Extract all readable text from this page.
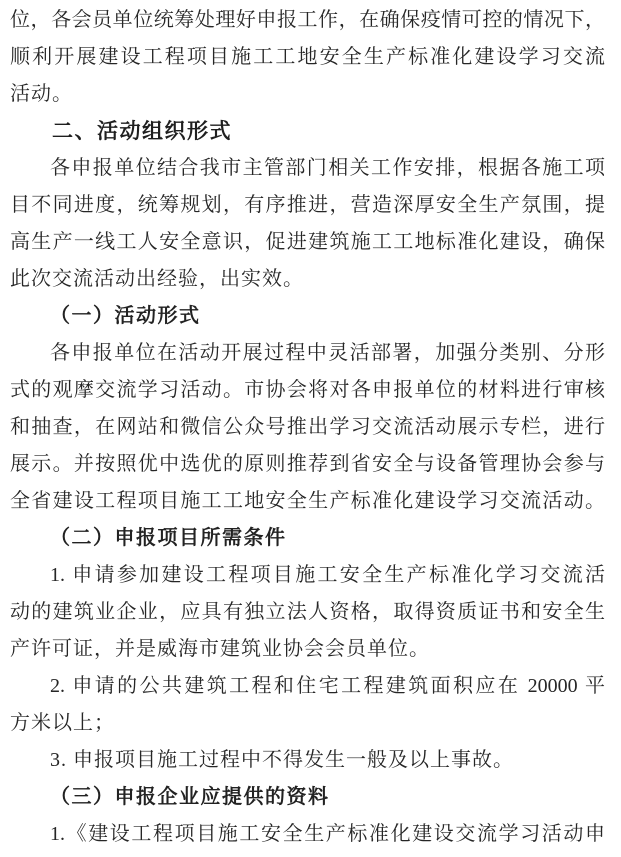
位，各会员单位统筹处理好申报工作，在确保疫情可控的情况下，
顺利开展建设工程项目施工工地安全生产标准化建设学习交流
活动。
二、活动组织形式
各申报单位结合我市主管部门相关工作安排，根据各施工项
目不同进度，统筹规划，有序推进，营造深厚安全生产氛围，提
高生产一线工人安全意识，促进建筑施工工地标准化建设，确保
此次交流活动出经验，出实效。
（一）活动形式
各申报单位在活动开展过程中灵活部署，加强分类别、分形
式的观摩交流学习活动。市协会将对各申报单位的材料进行审核
和抽查，在网站和微信公众号推出学习交流活动展示专栏，进行
展示。并按照优中选优的原则推荐到省安全与设备管理协会参与
全省建设工程项目施工工地安全生产标准化建设学习交流活动。
（二）申报项目所需条件
1. 申请参加建设工程项目施工安全生产标准化学习交流活
动的建筑业企业，应具有独立法人资格，取得资质证书和安全生
产许可证，并是威海市建筑业协会会员单位。
2. 申请的公共建筑工程和住宅工程建筑面积应在 20000 平
方米以上；
3. 申报项目施工过程中不得发生一般及以上事故。
（三）申报企业应提供的资料
1.《建设工程项目施工安全生产标准化建设交流学习活动申
